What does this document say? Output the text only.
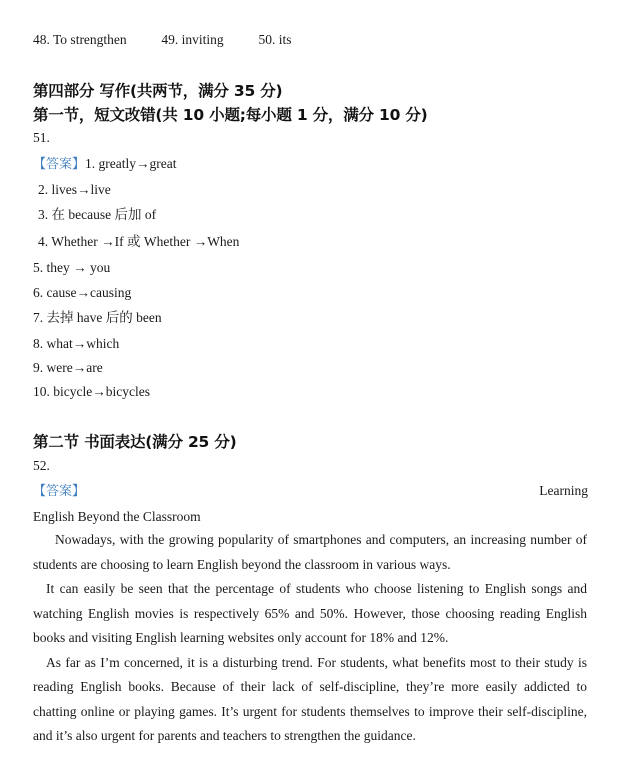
48. To strengthen	49. inviting	50. its
第四部分 写作(共两节，满分 35 分)
第一节，短文改错(共 10 小题;每小题 1 分，满分 10 分)
51.
【答案】1. greatly→great
2. lives→live
3. 在 because 后加 of
4. Whether →If 或 Whether →When
5. they → you
6. cause→causing
7. 去掉 have 后的 been
8. what→which
9. were→are
10. bicycle→bicycles
第二节 书面表达(满分 25 分)
52.
【答案】	Learning
English Beyond the Classroom

Nowadays, with the growing popularity of smartphones and computers, an increasing number of students are choosing to learn English beyond the classroom in various ways.

It can easily be seen that the percentage of students who choose listening to English songs and watching English movies is respectively 65% and 50%. However, those choosing reading English books and visiting English learning websites only account for 18% and 12%.

As far as I’m concerned, it is a disturbing trend. For students, what benefits most to their study is reading English books. Because of their lack of self-discipline, they’re more easily addicted to chatting online or playing games. It’s urgent for students themselves to improve their self-discipline, and it’s also urgent for parents and teachers to strengthen the guidance.
